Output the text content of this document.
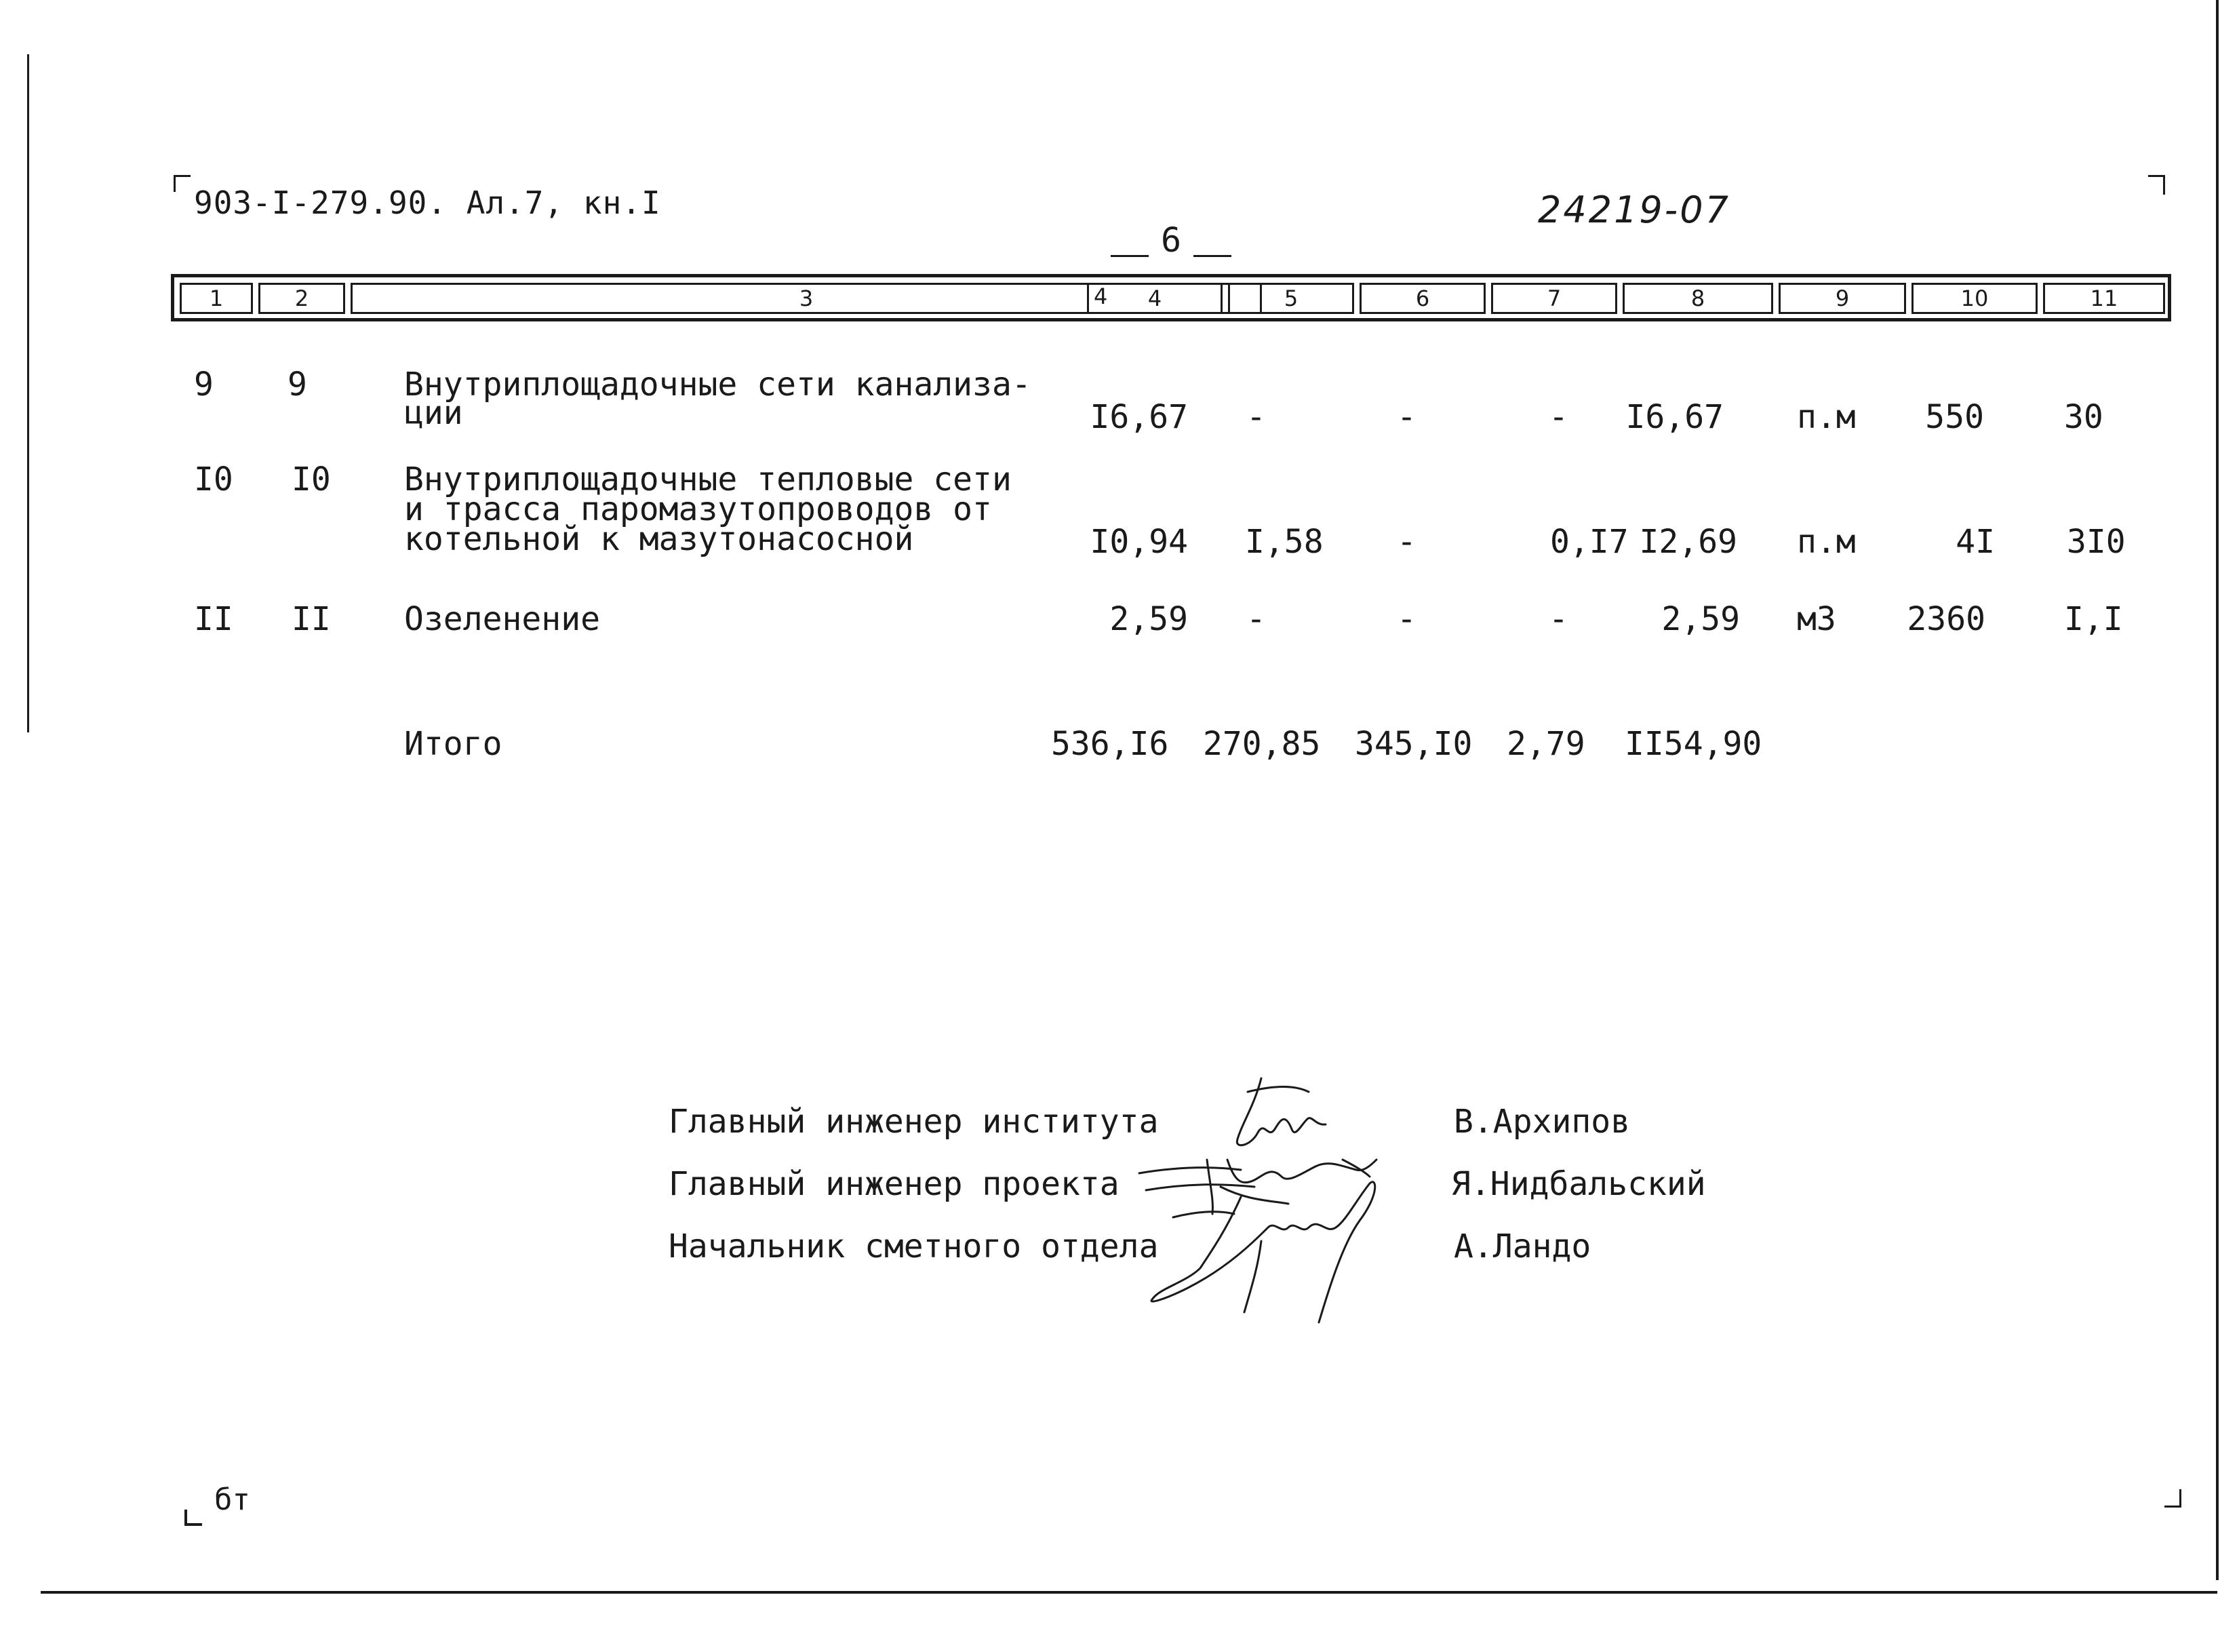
903-I-279.90. Ал.7, кн.I
6
24219-07
1	2	3	4	4	5	6	7	8	9	10	11
9 9	Внутриплощадочные сети канализа-
ции	I6,67 -	-	- I6,67 п.м 550 30
I0 I0 Внутриплощадочные тепловые сети
и трасса паромазутопроводов от
котельной к мазутонасосной	I0,94 I,58 -	0,I7 I2,69 п.м	4I 3I0
II II Озеленение	2,59 -	-	-	2,59 м3 2360 I,I
Итого	536,I6 270,85 345,I0 2,79 II54,90
Главный инженер института
Главный инженер проекта
Начальник сметного отдела
В.Архипов
Я.Нидбальский
А.Ландо
бт
